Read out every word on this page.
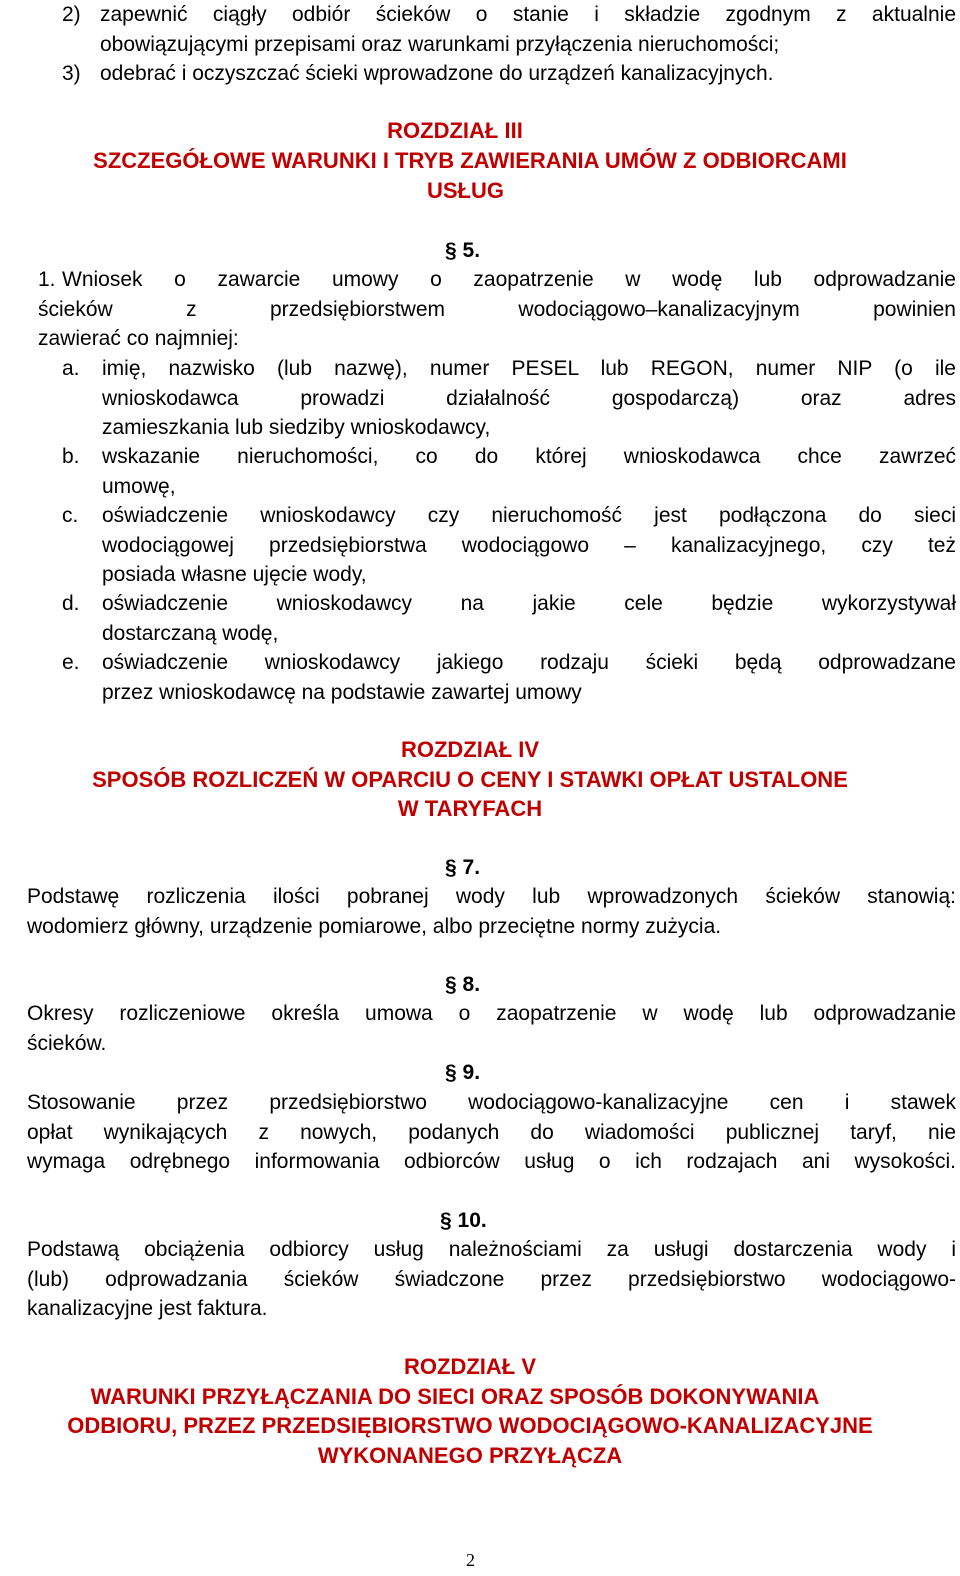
2) zapewnić ciągły odbiór ścieków o stanie i składzie zgodnym z aktualnie
obowiązującymi przepisami oraz warunkami przyłączenia nieruchomości;
3) odebrać i oczyszczać ścieki wprowadzone do urządzeń kanalizacyjnych.
ROZDZIAŁ III
SZCZEGÓŁOWE WARUNKI I TRYB ZAWIERANIA UMÓW Z ODBIORCAMI
USŁUG
§ 5.
1. Wniosek o zawarcie umowy o zaopatrzenie w wodę lub odprowadzanie
ścieków z przedsiębiorstwem wodociągowo–kanalizacyjnym powinien
zawierać co najmniej:
a. imię, nazwisko (lub nazwę), numer PESEL lub REGON, numer NIP (o ile
wnioskodawca prowadzi działalność gospodarczą) oraz adres
zamieszkania lub siedziby wnioskodawcy,
b. wskazanie nieruchomości, co do której wnioskodawca chce zawrzeć
umowę,
c. oświadczenie wnioskodawcy czy nieruchomość jest podłączona do sieci
wodociągowej przedsiębiorstwa wodociągowo – kanalizacyjnego, czy też
posiada własne ujęcie wody,
d. oświadczenie wnioskodawcy na jakie cele będzie wykorzystywał
dostarczaną wodę,
e. oświadczenie wnioskodawcy jakiego rodzaju ścieki będą odprowadzane
przez wnioskodawcę na podstawie zawartej umowy
ROZDZIAŁ IV
SPOSÓB ROZLICZEŃ W OPARCIU O CENY I STAWKI OPŁAT USTALONE
W TARYFACH
§ 7.
Podstawę rozliczenia ilości pobranej wody lub wprowadzonych ścieków stanowią:
wodomierz główny, urządzenie pomiarowe, albo przeciętne normy zużycia.
§ 8.
Okresy rozliczeniowe określa umowa o zaopatrzenie w wodę lub odprowadzanie
ścieków.
§ 9.
Stosowanie przez przedsiębiorstwo wodociągowo-kanalizacyjne cen i stawek
opłat wynikających z nowych, podanych do wiadomości publicznej taryf, nie
wymaga odrębnego informowania odbiorców usług o ich rodzajach ani wysokości.
§ 10.
Podstawą obciążenia odbiorcy usług należnościami za usługi dostarczenia wody i
(lub) odprowadzania ścieków świadczone przez przedsiębiorstwo wodociągowo-
kanalizacyjne jest faktura.
ROZDZIAŁ V
WARUNKI PRZYŁĄCZANIA DO SIECI ORAZ SPOSÓB DOKONYWANIA
ODBIORU, PRZEZ PRZEDSIĘBIORSTWO WODOCIĄGOWO-KANALIZACYJNE
WYKONANEGO PRZYŁĄCZA
2
